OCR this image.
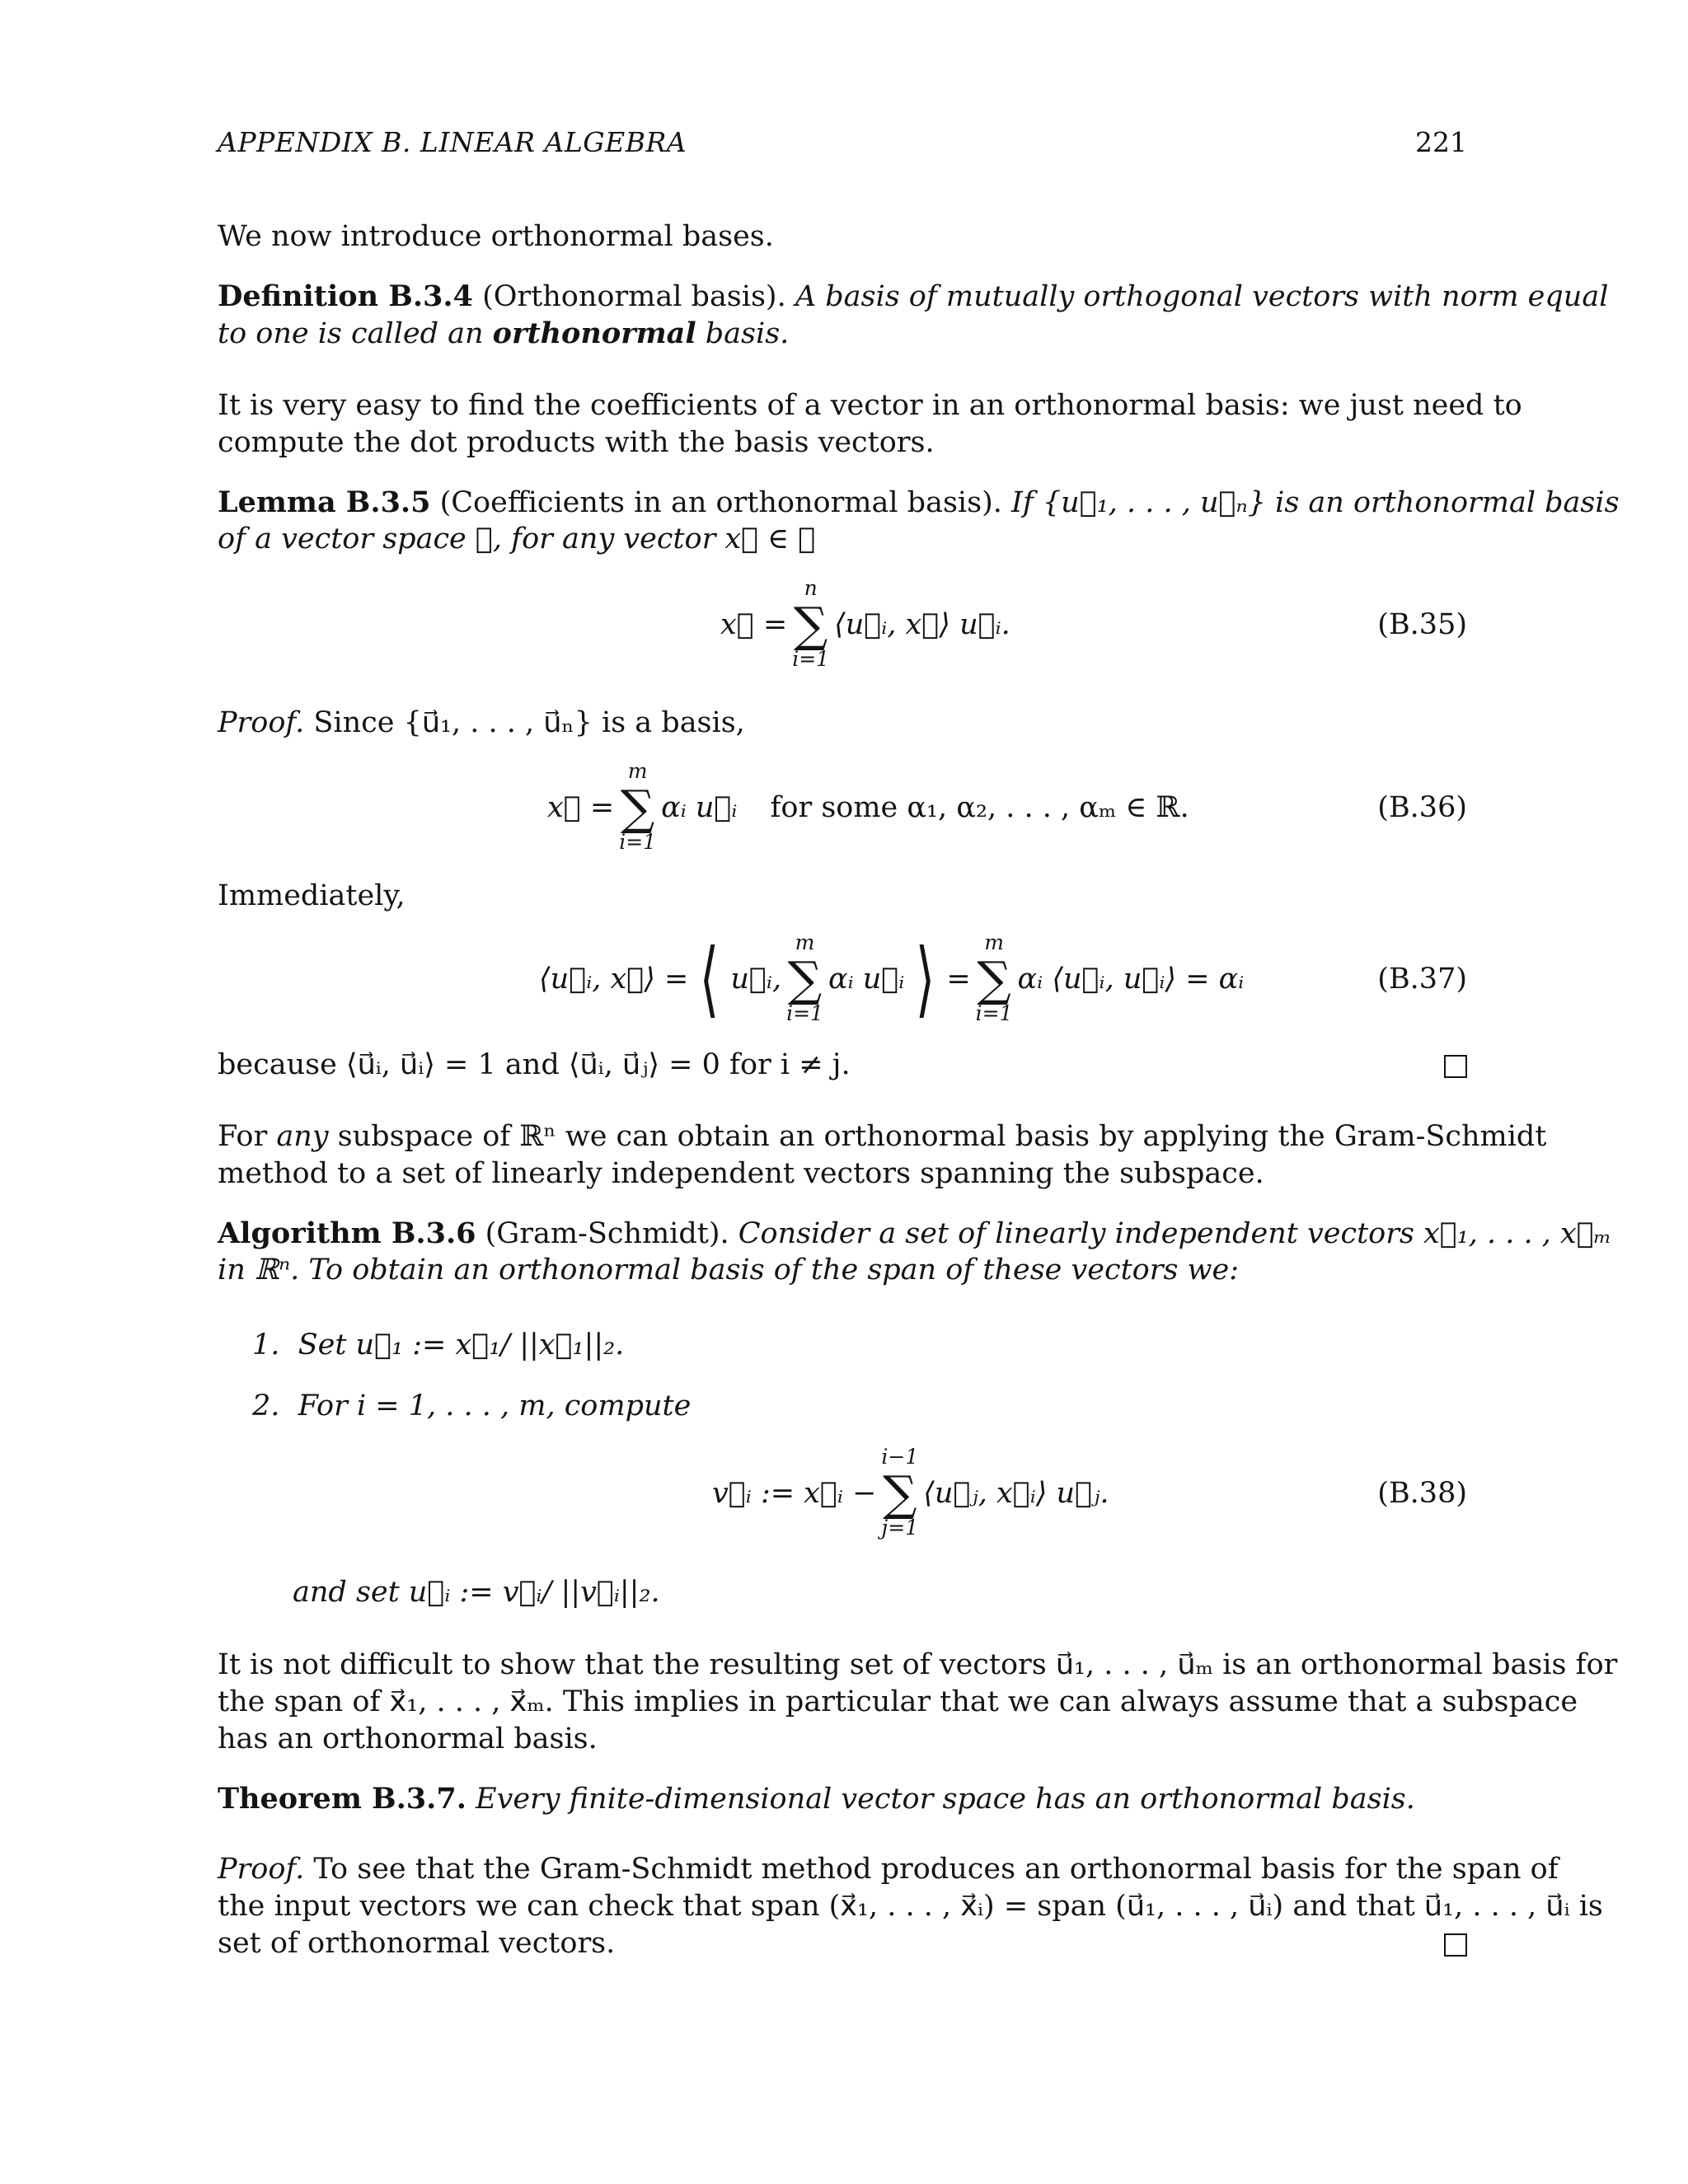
APPENDIX B. LINEAR ALGEBRA	221
We now introduce orthonormal bases.
Definition B.3.4 (Orthonormal basis). A basis of mutually orthogonal vectors with norm equal
to one is called an orthonormal basis.
It is very easy to find the coefficients of a vector in an orthonormal basis: we just need to
compute the dot products with the basis vectors.
Lemma B.3.5 (Coefficients in an orthonormal basis). If {u⃗₁, . . . , u⃗ₙ} is an orthonormal basis
of a vector space 𝒱, for any vector x⃗ ∈ 𝒱
x⃗ =
n
∑
i=1
⟨u⃗ᵢ, x⃗⟩ u⃗ᵢ.	(B.35)
Proof. Since {u⃗₁, . . . , u⃗ₙ} is a basis,
x⃗ =
m
∑
i=1
αᵢ u⃗ᵢ for some α₁, α₂, . . . , αₘ ∈ ℝ.	(B.36)
Immediately,
⟨u⃗ᵢ, x⃗⟩ = ⟨ u⃗ᵢ,
m
∑
i=1
αᵢ u⃗ᵢ ⟩ =
m
∑
i=1
αᵢ ⟨u⃗ᵢ, u⃗ᵢ⟩ = αᵢ	(B.37)
because ⟨u⃗ᵢ, u⃗ᵢ⟩ = 1 and ⟨u⃗ᵢ, u⃗ⱼ⟩ = 0 for i ≠ j.
For any subspace of ℝⁿ we can obtain an orthonormal basis by applying the Gram-Schmidt
method to a set of linearly independent vectors spanning the subspace.
Algorithm B.3.6 (Gram-Schmidt). Consider a set of linearly independent vectors x⃗₁, . . . , x⃗ₘ
in ℝⁿ. To obtain an orthonormal basis of the span of these vectors we:
1. Set u⃗₁ := x⃗₁/ ||x⃗₁||₂.
2. For i = 1, . . . , m, compute
v⃗ᵢ := x⃗ᵢ −
i−1
∑
j=1
⟨u⃗ⱼ, x⃗ᵢ⟩ u⃗ⱼ.	(B.38)
and set u⃗ᵢ := v⃗ᵢ/ ||v⃗ᵢ||₂.
It is not difficult to show that the resulting set of vectors u⃗₁, . . . , u⃗ₘ is an orthonormal basis for
the span of x⃗₁, . . . , x⃗ₘ. This implies in particular that we can always assume that a subspace
has an orthonormal basis.
Theorem B.3.7. Every finite-dimensional vector space has an orthonormal basis.
Proof. To see that the Gram-Schmidt method produces an orthonormal basis for the span of
the input vectors we can check that span (x⃗₁, . . . , x⃗ᵢ) = span (u⃗₁, . . . , u⃗ᵢ) and that u⃗₁, . . . , u⃗ᵢ is
set of orthonormal vectors.
